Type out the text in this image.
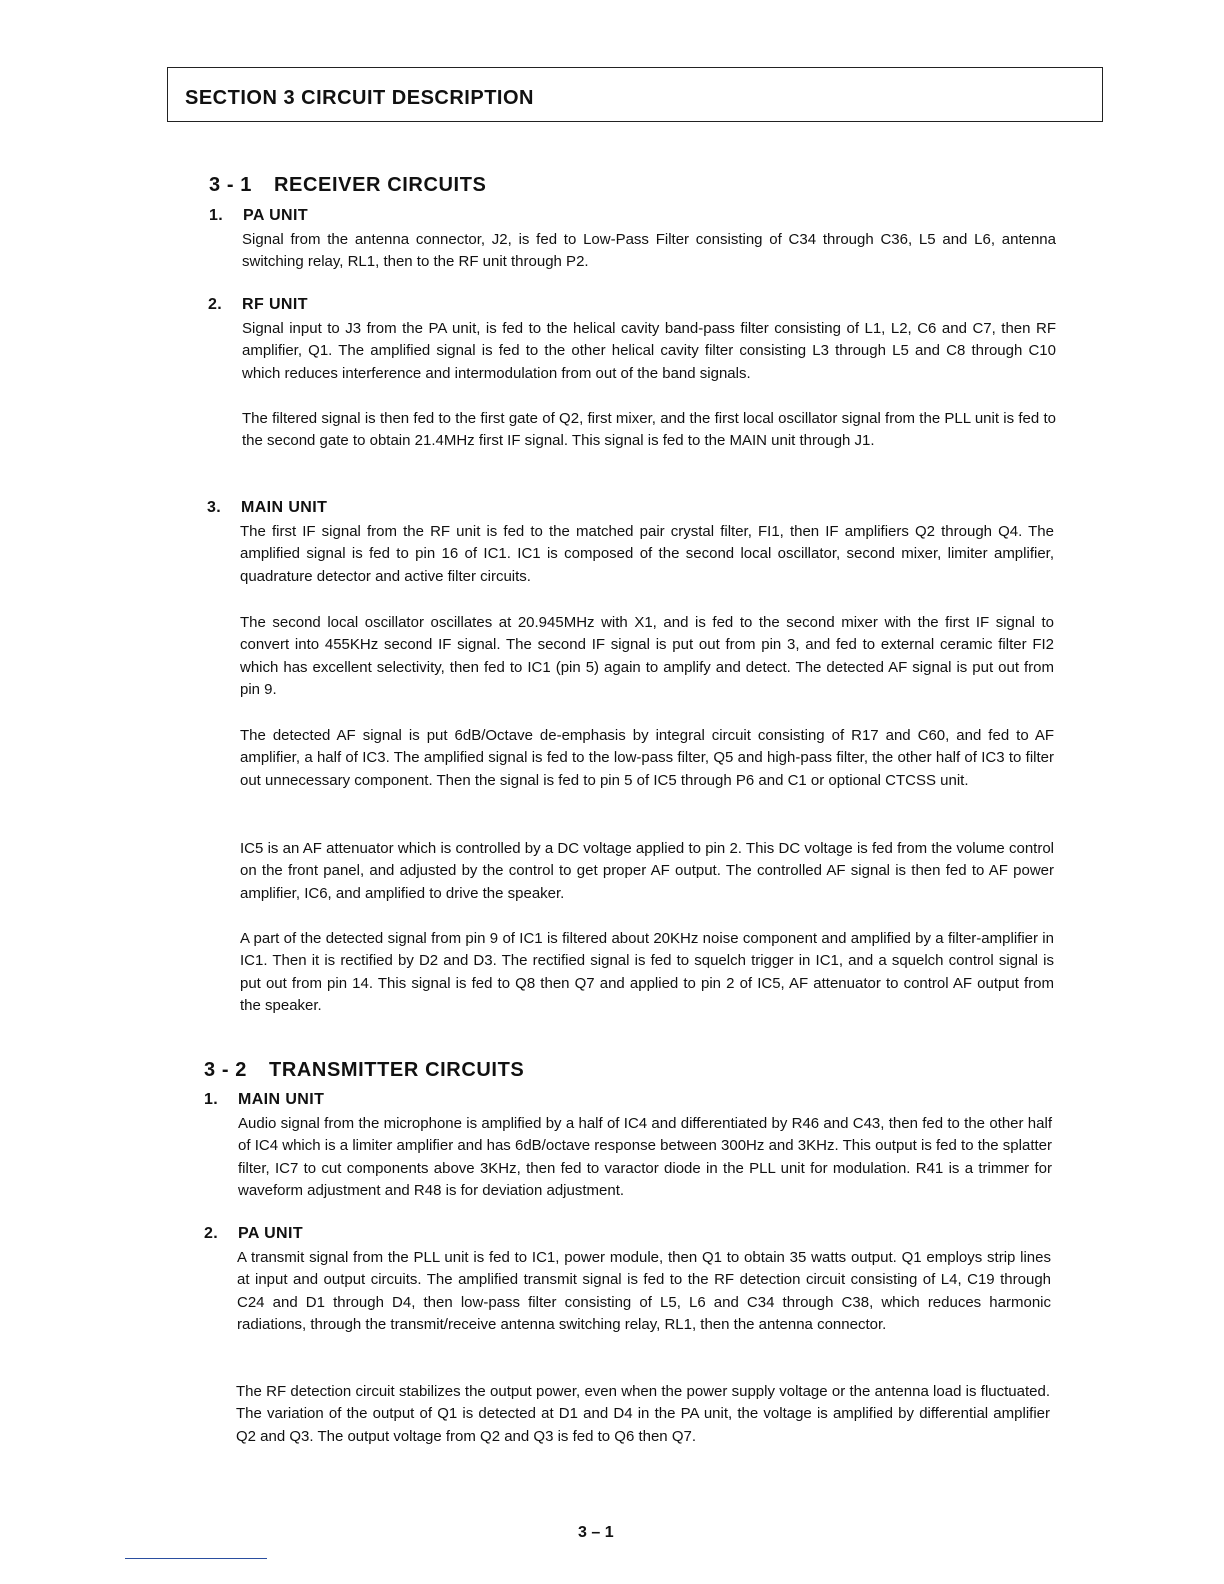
SECTION 3 CIRCUIT DESCRIPTION
3 - 1 RECEIVER CIRCUITS
1. PA UNIT
Signal from the antenna connector, J2, is fed to Low-Pass Filter consisting of C34 through C36, L5 and L6, antenna switching relay, RL1, then to the RF unit through P2.
2. RF UNIT
Signal input to J3 from the PA unit, is fed to the helical cavity band-pass filter consisting of L1, L2, C6 and C7, then RF amplifier, Q1. The amplified signal is fed to the other helical cavity filter consisting L3 through L5 and C8 through C10 which reduces interference and intermodulation from out of the band signals.
The filtered signal is then fed to the first gate of Q2, first mixer, and the first local oscillator signal from the PLL unit is fed to the second gate to obtain 21.4MHz first IF signal. This signal is fed to the MAIN unit through J1.
3. MAIN UNIT
The first IF signal from the RF unit is fed to the matched pair crystal filter, FI1, then IF amplifiers Q2 through Q4. The amplified signal is fed to pin 16 of IC1. IC1 is composed of the second local oscillator, second mixer, limiter amplifier, quadrature detector and active filter circuits.
The second local oscillator oscillates at 20.945MHz with X1, and is fed to the second mixer with the first IF signal to convert into 455KHz second IF signal. The second IF signal is put out from pin 3, and fed to external ceramic filter FI2 which has excellent selectivity, then fed to IC1 (pin 5) again to amplify and detect. The detected AF signal is put out from pin 9.
The detected AF signal is put 6dB/Octave de-emphasis by integral circuit consisting of R17 and C60, and fed to AF amplifier, a half of IC3. The amplified signal is fed to the low-pass filter, Q5 and high-pass filter, the other half of IC3 to filter out unnecessary component. Then the signal is fed to pin 5 of IC5 through P6 and C1 or optional CTCSS unit.
IC5 is an AF attenuator which is controlled by a DC voltage applied to pin 2. This DC voltage is fed from the volume control on the front panel, and adjusted by the control to get proper AF output. The controlled AF signal is then fed to AF power amplifier, IC6, and amplified to drive the speaker.
A part of the detected signal from pin 9 of IC1 is filtered about 20KHz noise component and amplified by a filter-amplifier in IC1. Then it is rectified by D2 and D3. The rectified signal is fed to squelch trigger in IC1, and a squelch control signal is put out from pin 14. This signal is fed to Q8 then Q7 and applied to pin 2 of IC5, AF attenuator to control AF output from the speaker.
3 - 2 TRANSMITTER CIRCUITS
1. MAIN UNIT
Audio signal from the microphone is amplified by a half of IC4 and differentiated by R46 and C43, then fed to the other half of IC4 which is a limiter amplifier and has 6dB/octave response between 300Hz and 3KHz. This output is fed to the splatter filter, IC7 to cut components above 3KHz, then fed to varactor diode in the PLL unit for modulation. R41 is a trimmer for waveform adjustment and R48 is for deviation adjustment.
2. PA UNIT
A transmit signal from the PLL unit is fed to IC1, power module, then Q1 to obtain 35 watts output. Q1 employs strip lines at input and output circuits. The amplified transmit signal is fed to the RF detection circuit consisting of L4, C19 through C24 and D1 through D4, then low-pass filter consisting of L5, L6 and C34 through C38, which reduces harmonic radiations, through the transmit/receive antenna switching relay, RL1, then the antenna connector.
The RF detection circuit stabilizes the output power, even when the power supply voltage or the antenna load is fluctuated. The variation of the output of Q1 is detected at D1 and D4 in the PA unit, the voltage is amplified by differential amplifier Q2 and Q3. The output voltage from Q2 and Q3 is fed to Q6 then Q7.
3 – 1
